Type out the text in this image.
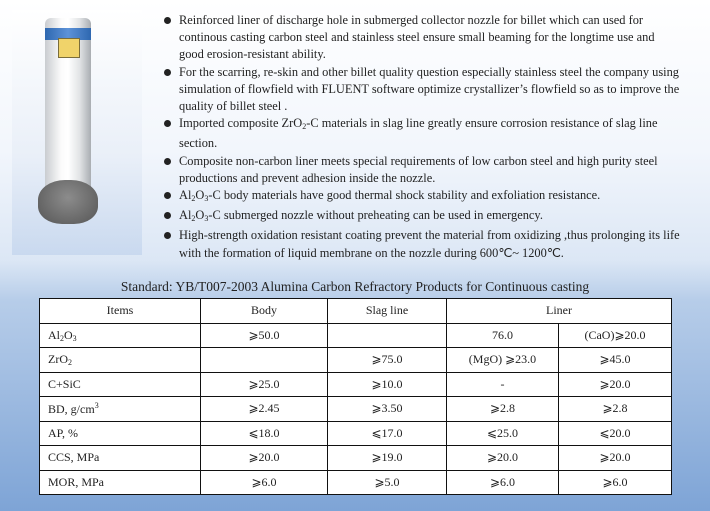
Reinforced liner of discharge hole in submerged collector nozzle for billet which can used for continous casting carbon steel and stainless steel ensure small beaming for the longtime use and good erosion-resistant ability.
For the scarring, re-skin and other billet quality question especially stainless steel the company using simulation of flowfield with FLUENT software optimize crystallizer’s flowfield so as to improve the quality of billet steel .
Imported composite ZrO$_2$-C materials in slag line greatly ensure corrosion resistance of slag line section.
Composite non-carbon liner meets special requirements of low carbon steel and high purity steel productions and prevent adhesion inside the nozzle.
$Al_2O_3-C$ body materials have good thermal shock stability and exfoliation resistance.
$Al_2O_3-C$ submerged nozzle without preheating can be used in emergency.
High-strength oxidation resistant coating prevent the material from oxidizing ,thus prolonging its life with the formation of liquid membrane on the nozzle during 600℃~ 1200℃.
Standard: YB/T007-2003 Alumina Carbon Refractory Products for Continuous casting
Items	Body	Slag line	Liner	
$Al_2O_3$	⩾50.0		76.0	(CaO)⩾20.0
ZrO$_2$		⩾75.0	(MgO) ⩾23.0	⩾45.0
C+SiC	⩾25.0	⩾10.0	-	⩾20.0
BD, $g/cm^3$	⩾2.45	⩾3.50	⩾2.8	⩾2.8
AP, %	⩽18.0	⩽17.0	⩽25.0	⩽20.0
CCS, MPa	⩾20.0	⩾19.0	⩾20.0	⩾20.0
MOR, MPa	⩾6.0	⩾5.0	⩾6.0	⩾6.0
